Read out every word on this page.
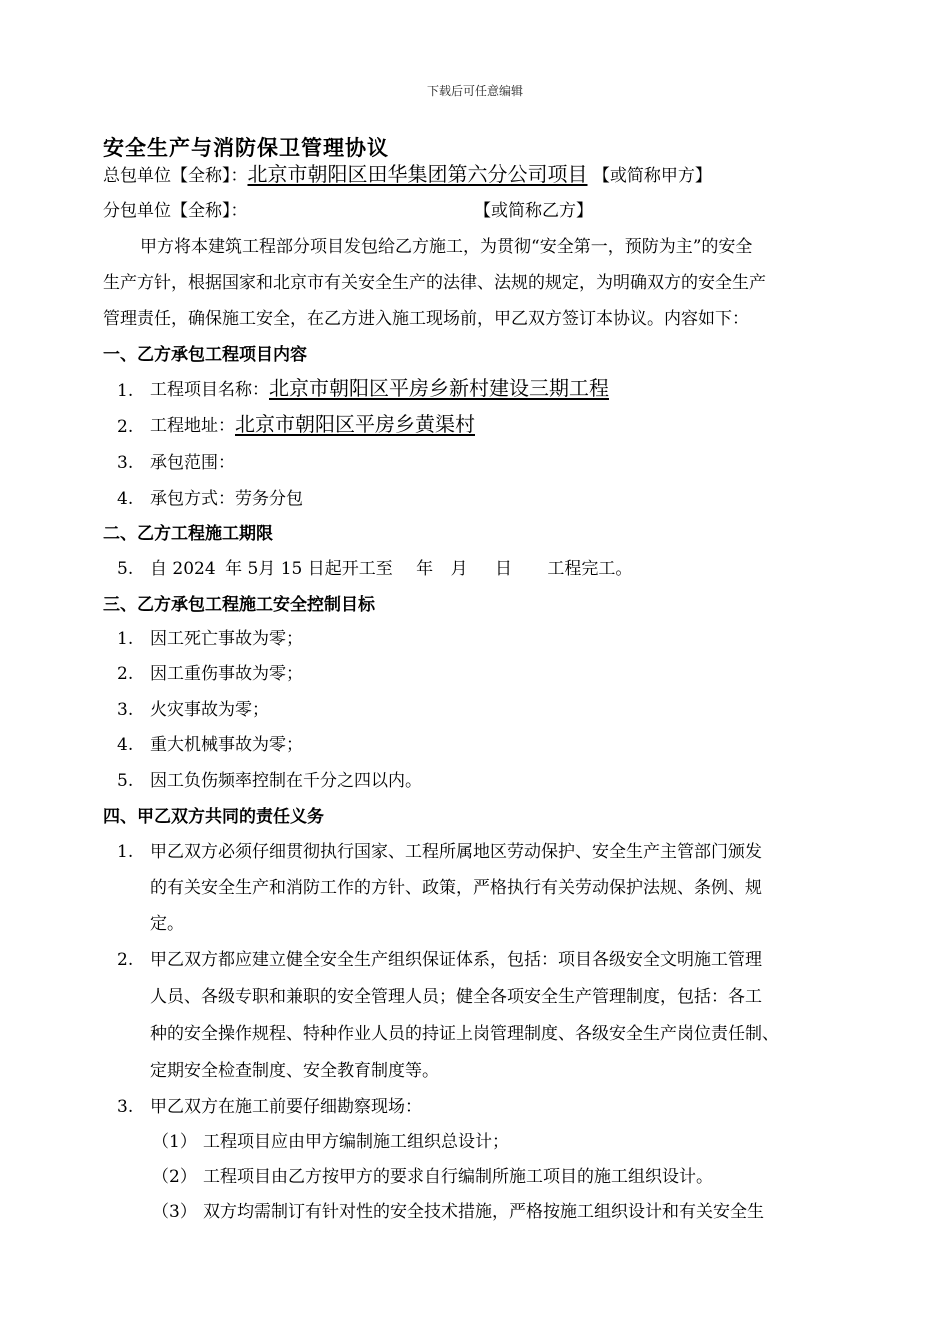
下载后可任意编辑
安全生产与消防保卫管理协议
总包单位【全称】：北京市朝阳区田华集团第六分公司项目 【或简称甲方】
分包单位【全称】：	【或简称乙方】
甲方将本建筑工程部分项目发包给乙方施工，为贯彻“安全第一，预防为主”的安全
生产方针，根据国家和北京市有关安全生产的法律、法规的规定，为明确双方的安全生产
管理责任，确保施工安全，在乙方进入施工现场前，甲乙双方签订本协议。内容如下：
一、乙方承包工程项目内容
1. 工程项目名称：北京市朝阳区平房乡新村建设三期工程
2. 工程地址：北京市朝阳区平房乡黄渠村
3. 承包范围：
4. 承包方式：劳务分包
二、乙方工程施工期限
5. 自 2024 年 5月 15 日起开工至 年 月 日 工程完工。
三、乙方承包工程施工安全控制目标
1. 因工死亡事故为零；
2. 因工重伤事故为零；
3. 火灾事故为零；
4. 重大机械事故为零；
5. 因工负伤频率控制在千分之四以内。
四、甲乙双方共同的责任义务
1. 甲乙双方必须仔细贯彻执行国家、工程所属地区劳动保护、安全生产主管部门颁发
的有关安全生产和消防工作的方针、政策，严格执行有关劳动保护法规、条例、规
定。
2. 甲乙双方都应建立健全安全生产组织保证体系，包括：项目各级安全文明施工管理
人员、各级专职和兼职的安全管理人员；健全各项安全生产管理制度，包括：各工
种的安全操作规程、特种作业人员的持证上岗管理制度、各级安全生产岗位责任制、
定期安全检查制度、安全教育制度等。
3. 甲乙双方在施工前要仔细勘察现场：
（1） 工程项目应由甲方编制施工组织总设计；
（2） 工程项目由乙方按甲方的要求自行编制所施工项目的施工组织设计。
（3） 双方均需制订有针对性的安全技术措施，严格按施工组织设计和有关安全生
